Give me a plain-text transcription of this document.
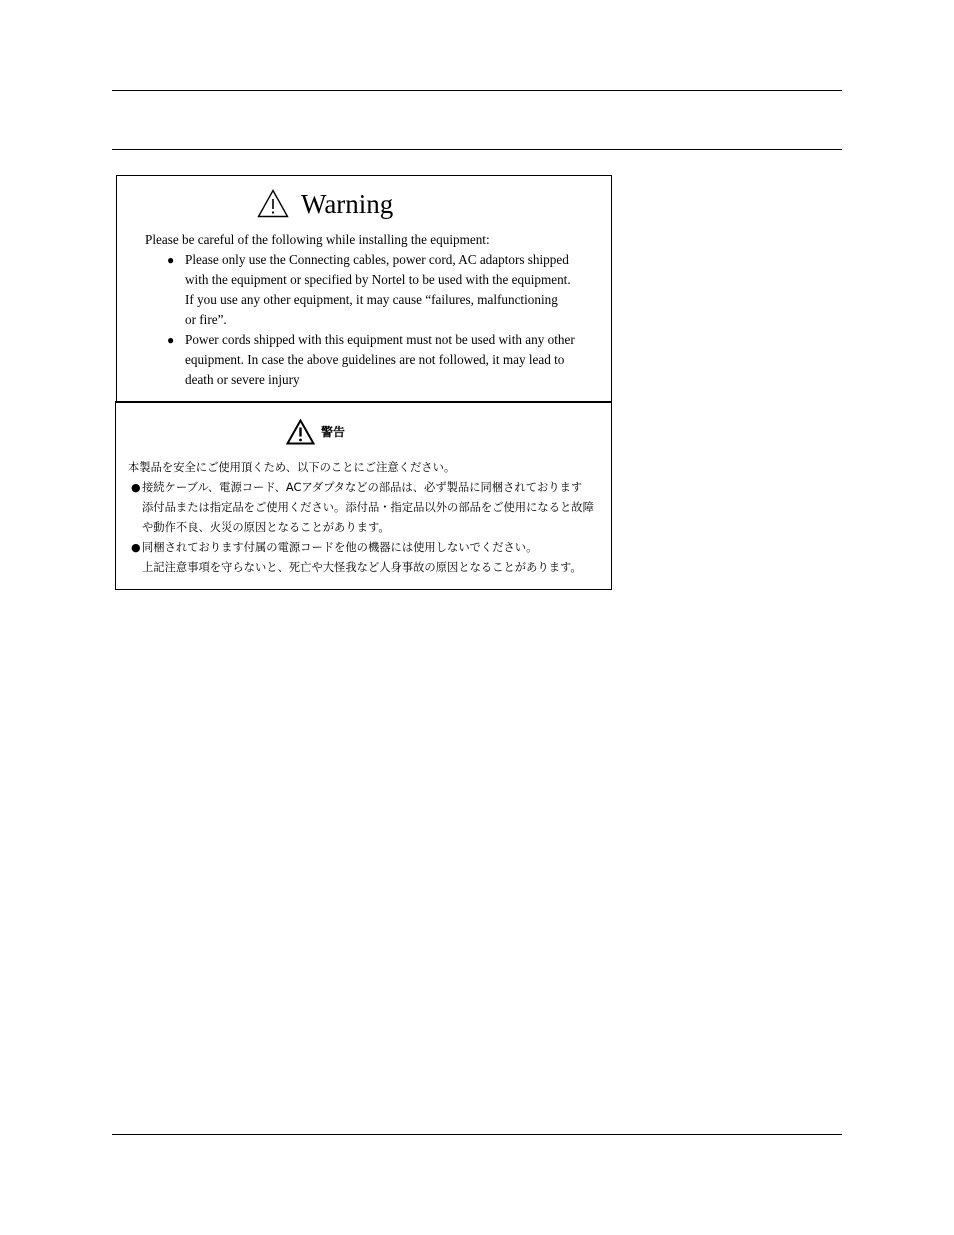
Warning
Please be careful of the following while installing the equipment:
● Please only use the Connecting cables, power cord, AC adaptors shipped
with the equipment or specified by Nortel to be used with the equipment.
If you use any other equipment, it may cause “failures, malfunctioning
or fire”.
● Power cords shipped with this equipment must not be used with any other
equipment. In case the above guidelines are not followed, it may lead to
death or severe injury
警告
本製品を安全にご使用頂くため、以下のことにご注意ください。
● 接続ケーブル、電源コード、ACアダプタなどの部品は、必ず製品に同梱されております
添付品または指定品をご使用ください。添付品・指定品以外の部品をご使用になると故障
や動作不良、火災の原因となることがあります。
● 同梱されております付属の電源コードを他の機器には使用しないでください。
上記注意事項を守らないと、死亡や大怪我など人身事故の原因となることがあります。
